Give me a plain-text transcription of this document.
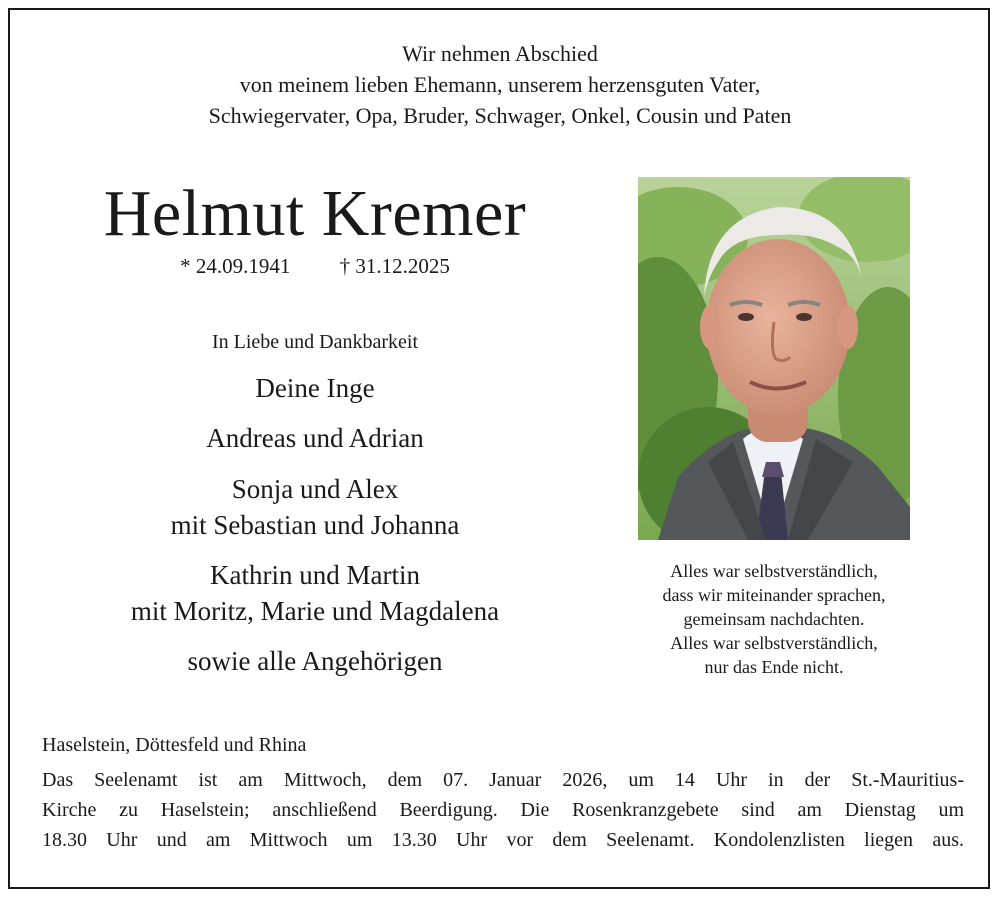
Wir nehmen Abschied
von meinem lieben Ehemann, unserem herzensguten Vater,
Schwiegervater, Opa, Bruder, Schwager, Onkel, Cousin und Paten
Helmut Kremer
* 24.09.1941 † 31.12.2025
In Liebe und Dankbarkeit
Deine Inge
Andreas und Adrian
Sonja und Alex
mit Sebastian und Johanna
Kathrin und Martin
mit Moritz, Marie und Magdalena
sowie alle Angehörigen
Alles war selbstverständlich,
dass wir miteinander sprachen,
gemeinsam nachdachten.
Alles war selbstverständlich,
nur das Ende nicht.
Haselstein, Döttesfeld und Rhina
Das Seelenamt ist am Mittwoch, dem 07. Januar 2026, um 14 Uhr in der St.-Mauritius-
Kirche zu Haselstein; anschließend Beerdigung. Die Rosenkranzgebete sind am Dienstag um
18.30 Uhr und am Mittwoch um 13.30 Uhr vor dem Seelenamt. Kondolenzlisten liegen aus.
